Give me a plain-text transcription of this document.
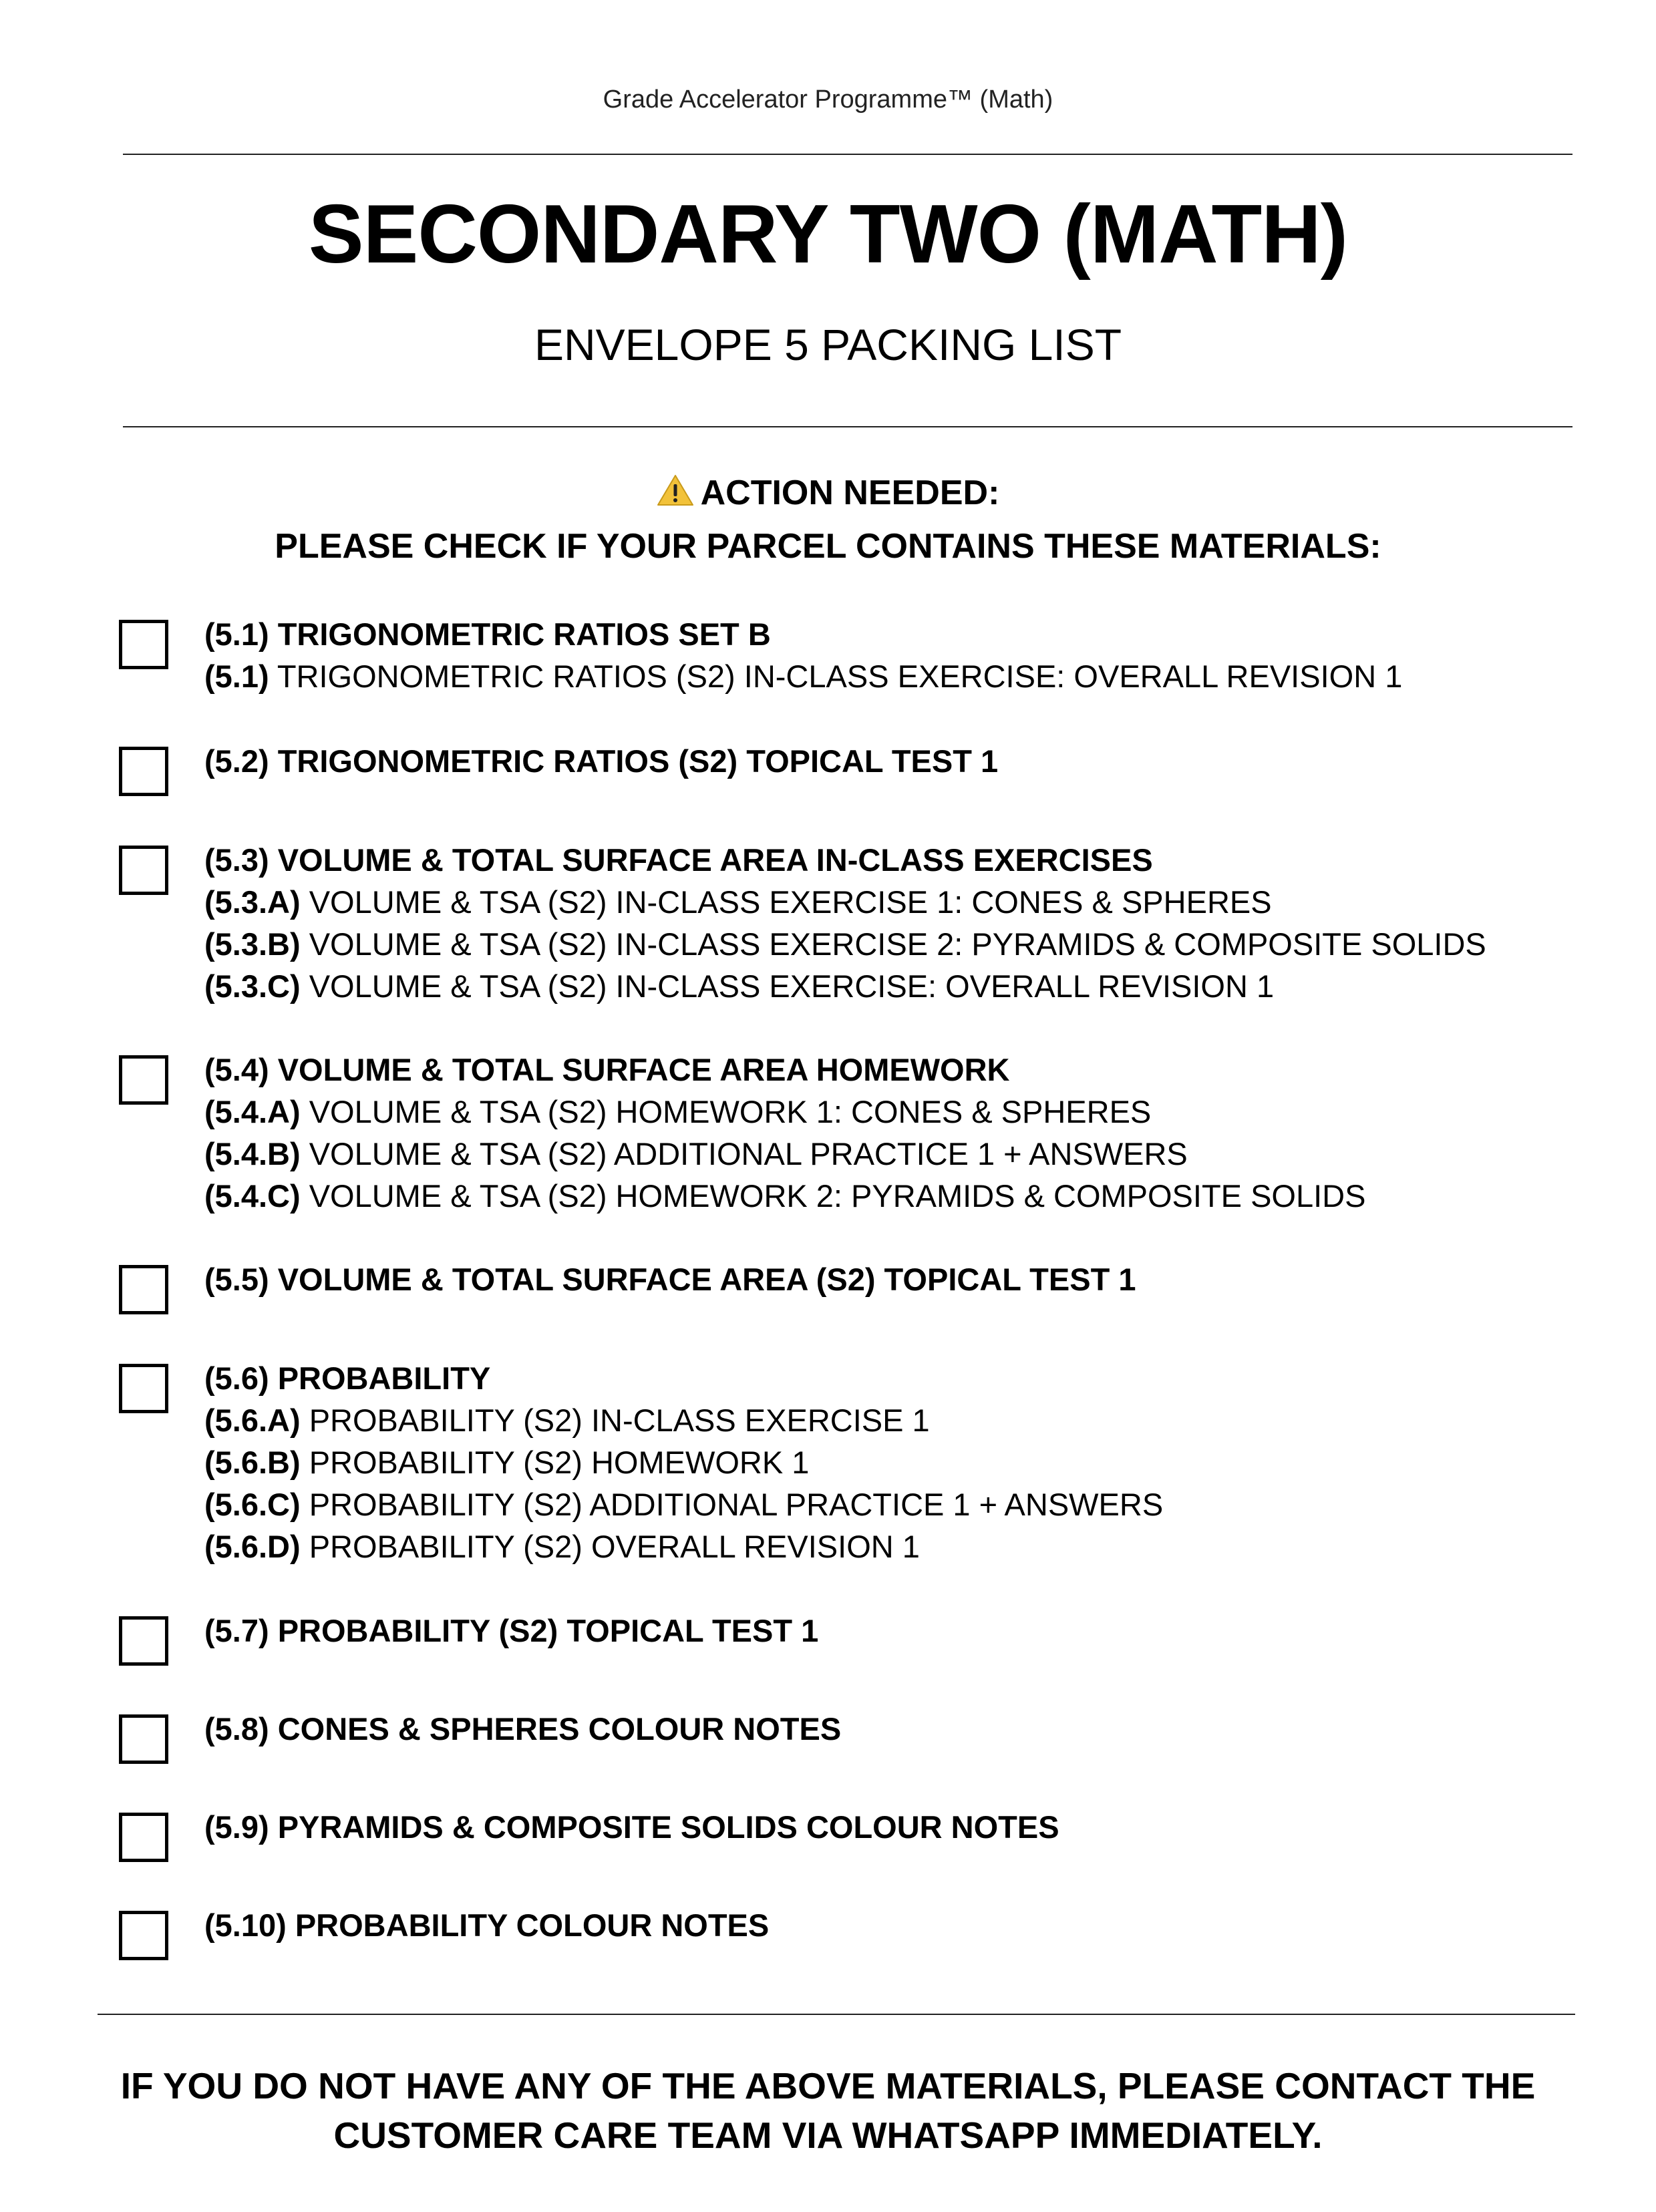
Grade Accelerator Programme™ (Math)
SECONDARY TWO (MATH)
ENVELOPE 5 PACKING LIST
ACTION NEEDED:
PLEASE CHECK IF YOUR PARCEL CONTAINS THESE MATERIALS:
(5.1) TRIGONOMETRIC RATIOS SET B
(5.1) TRIGONOMETRIC RATIOS (S2) IN-CLASS EXERCISE: OVERALL REVISION 1
(5.2) TRIGONOMETRIC RATIOS (S2) TOPICAL TEST 1
(5.3) VOLUME & TOTAL SURFACE AREA IN-CLASS EXERCISES
(5.3.A) VOLUME & TSA (S2) IN-CLASS EXERCISE 1: CONES & SPHERES
(5.3.B) VOLUME & TSA (S2) IN-CLASS EXERCISE 2: PYRAMIDS & COMPOSITE SOLIDS
(5.3.C) VOLUME & TSA (S2) IN-CLASS EXERCISE: OVERALL REVISION 1
(5.4) VOLUME & TOTAL SURFACE AREA HOMEWORK
(5.4.A) VOLUME & TSA (S2) HOMEWORK 1: CONES & SPHERES
(5.4.B) VOLUME & TSA (S2) ADDITIONAL PRACTICE 1 + ANSWERS
(5.4.C) VOLUME & TSA (S2) HOMEWORK 2: PYRAMIDS & COMPOSITE SOLIDS
(5.5) VOLUME & TOTAL SURFACE AREA (S2) TOPICAL TEST 1
(5.6) PROBABILITY
(5.6.A) PROBABILITY (S2) IN-CLASS EXERCISE 1
(5.6.B) PROBABILITY (S2) HOMEWORK 1
(5.6.C) PROBABILITY (S2) ADDITIONAL PRACTICE 1 + ANSWERS
(5.6.D) PROBABILITY (S2) OVERALL REVISION 1
(5.7) PROBABILITY (S2) TOPICAL TEST 1
(5.8) CONES & SPHERES COLOUR NOTES
(5.9) PYRAMIDS & COMPOSITE SOLIDS COLOUR NOTES
(5.10) PROBABILITY COLOUR NOTES
IF YOU DO NOT HAVE ANY OF THE ABOVE MATERIALS, PLEASE CONTACT THE
CUSTOMER CARE TEAM VIA WHATSAPP IMMEDIATELY.
